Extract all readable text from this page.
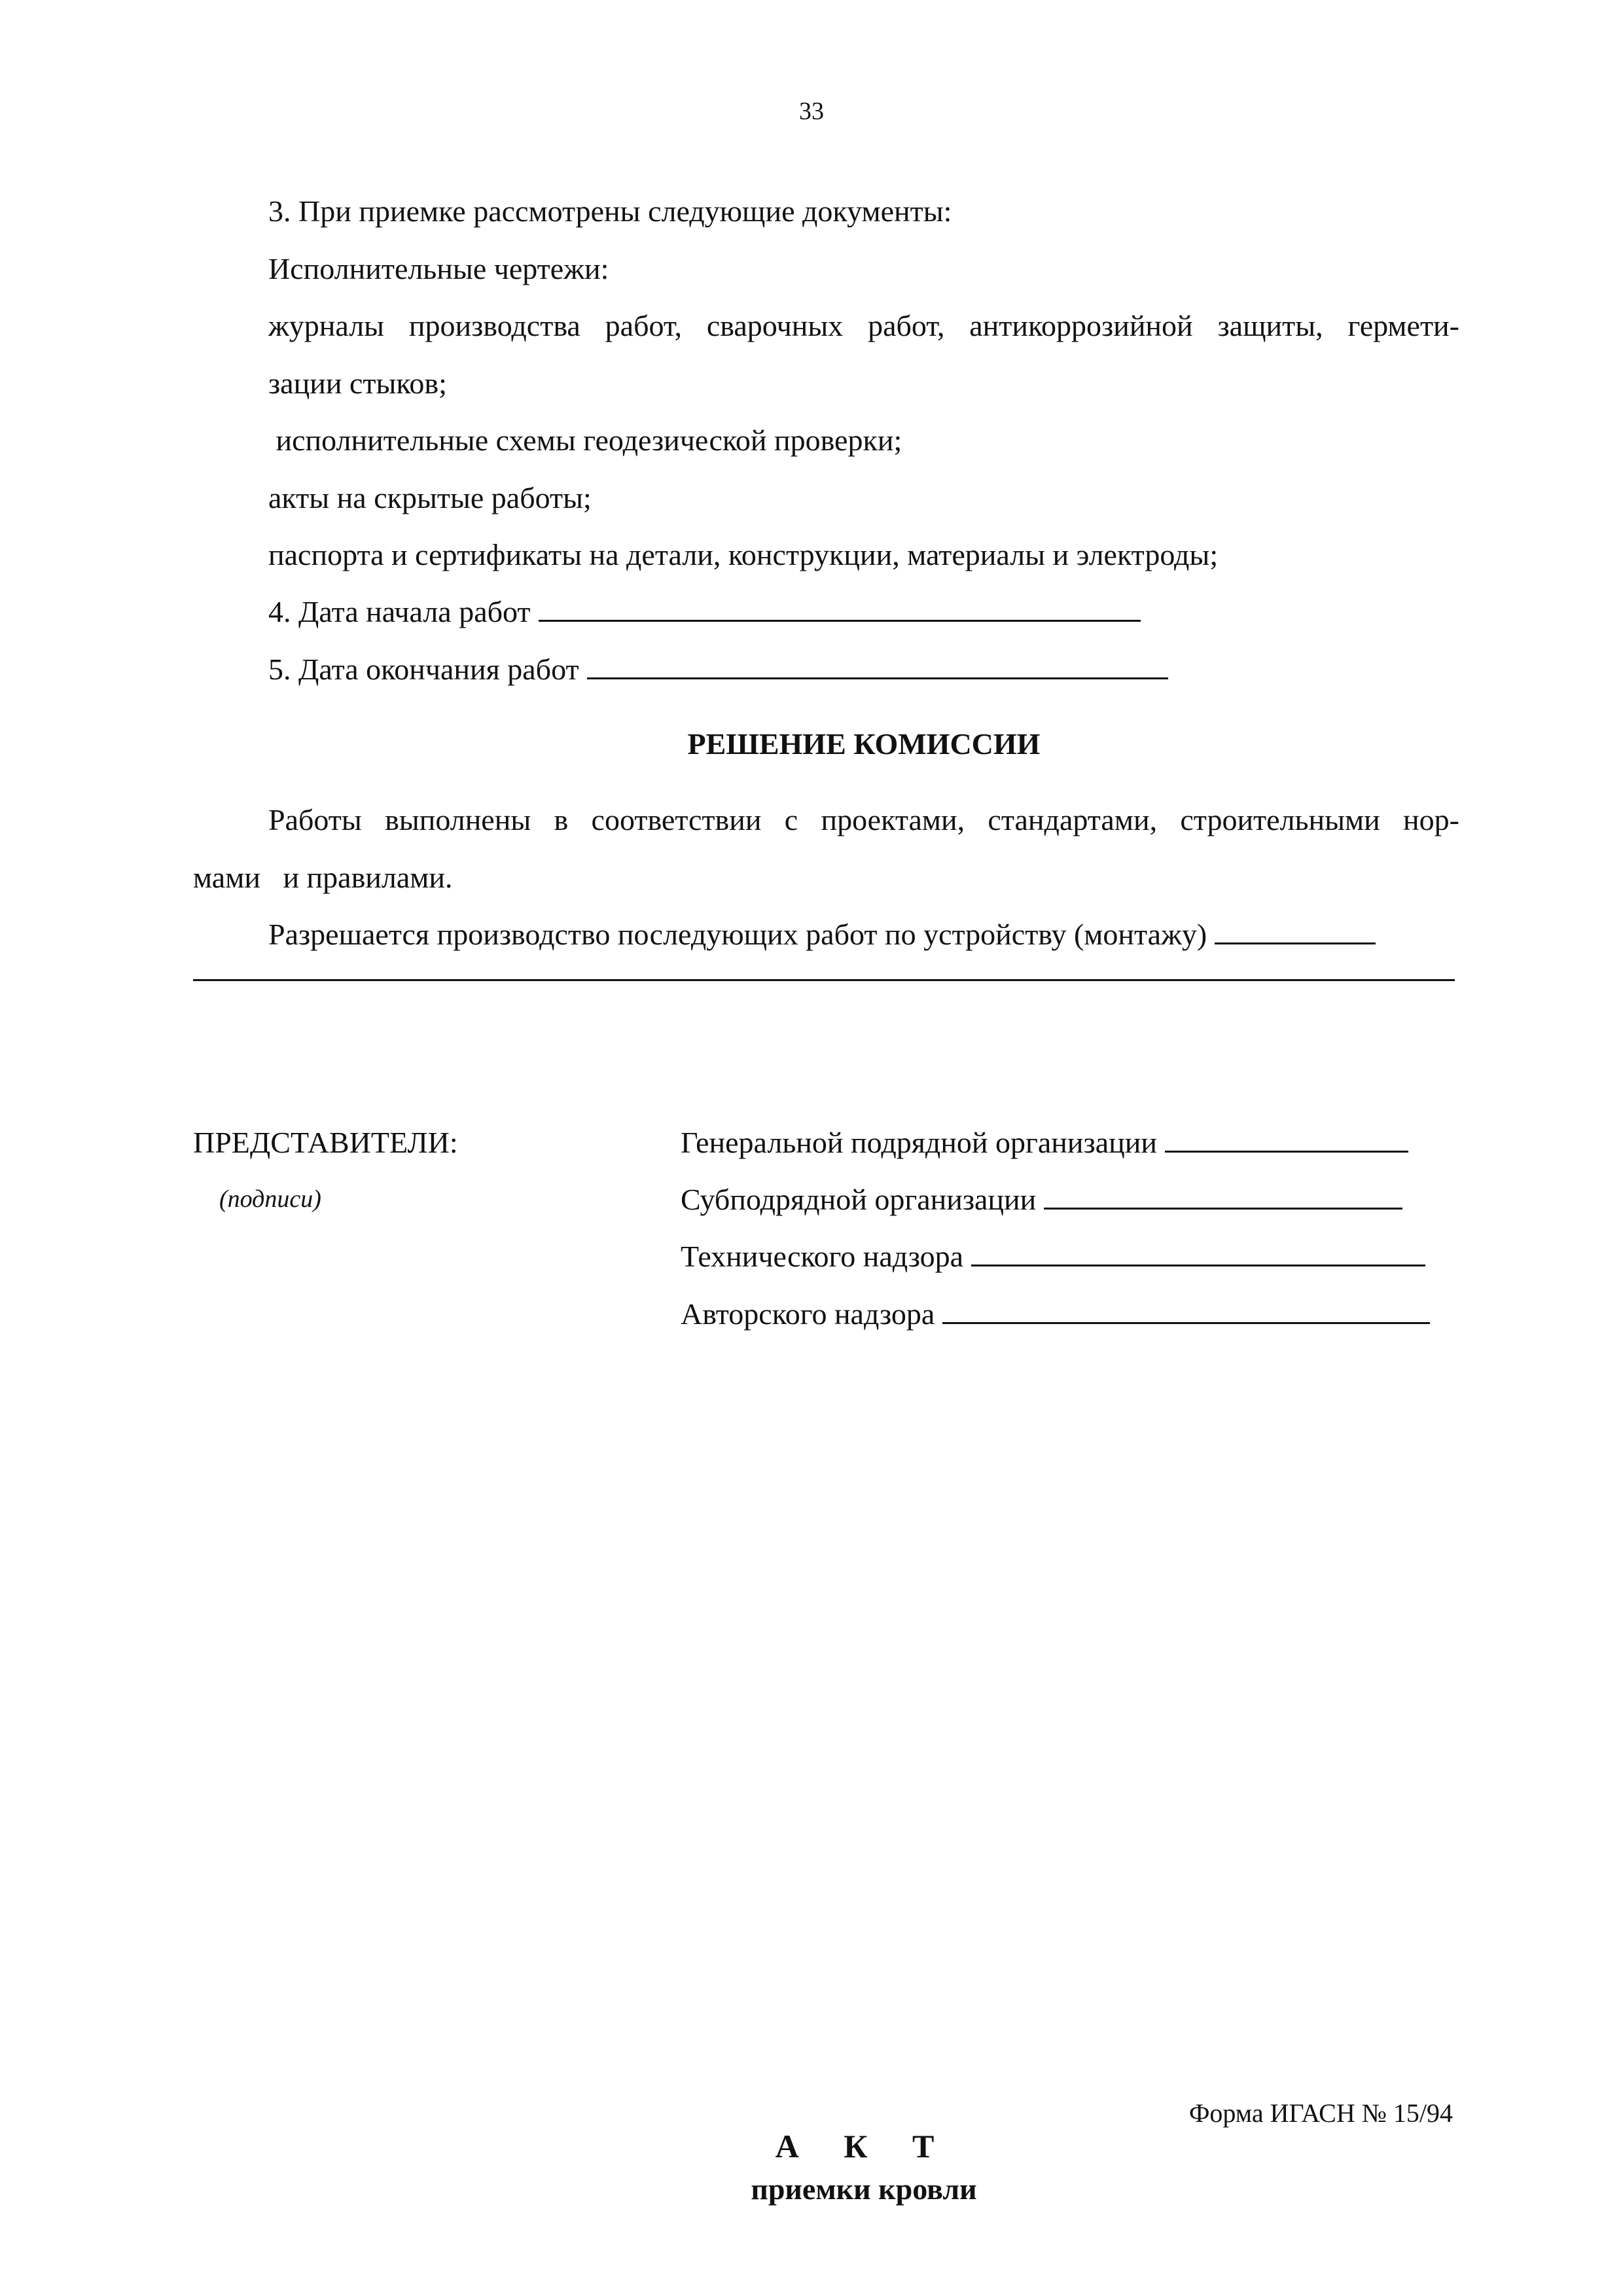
33
3. При приемке рассмотрены следующие документы:
Исполнительные чертежи:
журналы производства работ, сварочных работ, антикоррозийной защиты, гермети-
зации стыков;
исполнительные схемы геодезической проверки;
акты на скрытые работы;
паспорта и сертификаты на детали, конструкции, материалы и электроды;
4. Дата начала работ
5. Дата окончания работ
РЕШЕНИЕ КОМИССИИ
Работы выполнены в соответствии с проектами, стандартами, строительными нор-
мами   и правилами.
Разрешается производство последующих работ по устройству (монтажу)
ПРЕДСТАВИТЕЛИ:
(подписи)
Генеральной подрядной организации
Субподрядной организации
Технического надзора
Авторского надзора
Форма ИГАСН № 15/94
А К Т
приемки кровли
